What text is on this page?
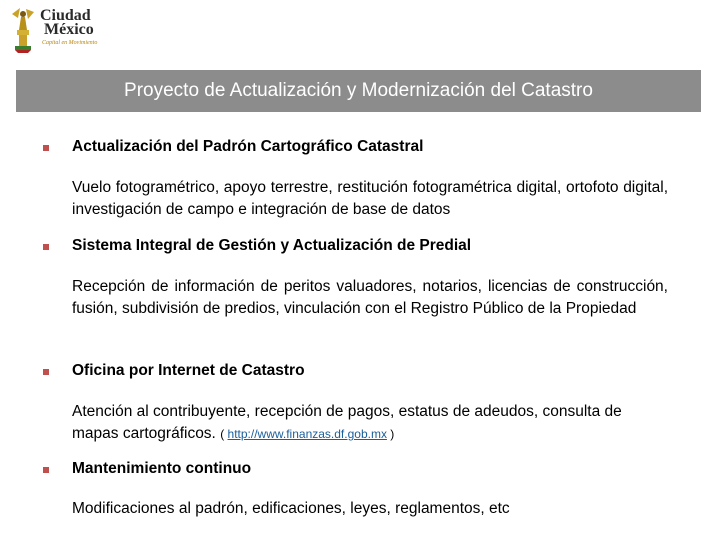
Ciudad
México
Capital en Movimiento
Proyecto de Actualización y Modernización del Catastro
Actualización del Padrón Cartográfico Catastral
Vuelo fotogramétrico, apoyo terrestre, restitución fotogramétrica digital, ortofoto digital, investigación de campo e integración de base de datos
Sistema Integral de Gestión y Actualización de Predial
Recepción de información de peritos valuadores, notarios, licencias de construcción, fusión, subdivisión de predios, vinculación con el Registro Público de la Propiedad
Oficina por Internet de Catastro
Atención al contribuyente, recepción de pagos, estatus de adeudos, consulta de mapas cartográficos. ( http://www.finanzas.df.gob.mx )
Mantenimiento continuo
Modificaciones al padrón, edificaciones, leyes, reglamentos, etc
